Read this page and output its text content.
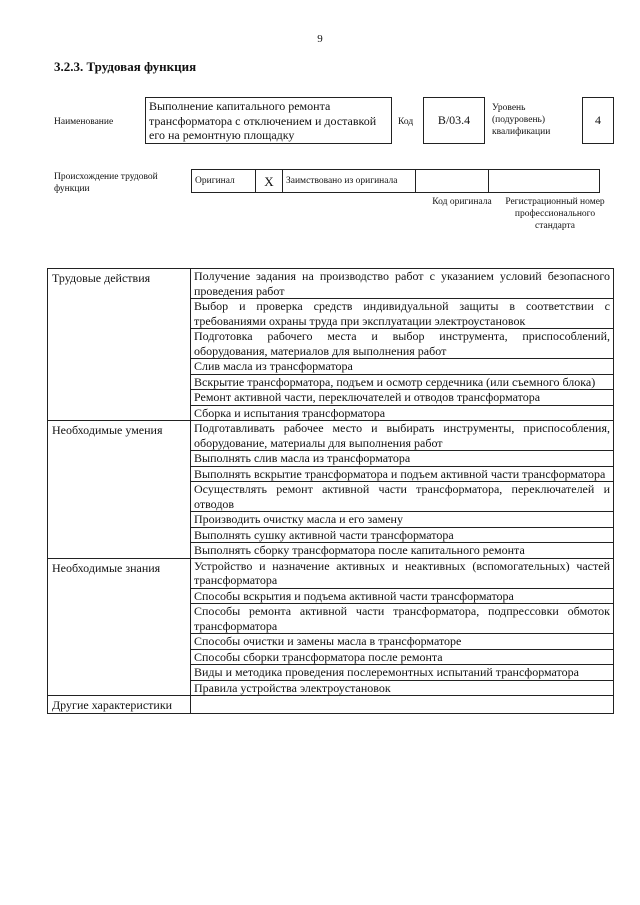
9
3.2.3. Трудовая функция
Наименование
Выполнение капитального ремонта трансформатора с отключением и доставкой его на ремонтную площадку
Код	B/03.4
Уровень (подуровень) квалификации
4
Происхождение трудовой функции
Оригинал	X	Заимствовано из оригинала		
Код оригинала	Регистрационный номер профессионального стандарта
Трудовые действия	Получение задания на производство работ с указанием условий безопасного проведения работ
	Выбор и проверка средств индивидуальной защиты в соответствии с требованиями охраны труда при эксплуатации электроустановок
	Подготовка рабочего места и выбор инструмента, приспособлений, оборудования, материалов для выполнения работ
	Слив масла из трансформатора
	Вскрытие трансформатора, подъем и осмотр сердечника (или съемного блока)
	Ремонт активной части, переключателей и отводов трансформатора
	Сборка и испытания трансформатора
Необходимые умения	Подготавливать рабочее место и выбирать инструменты, приспособления, оборудование, материалы для выполнения работ
	Выполнять слив масла из трансформатора
	Выполнять вскрытие трансформатора и подъем активной части трансформатора
	Осуществлять ремонт активной части трансформатора, переключателей и отводов
	Производить очистку масла и его замену
	Выполнять сушку активной части трансформатора
	Выполнять сборку трансформатора после капитального ремонта
Необходимые знания	Устройство и назначение активных и неактивных (вспомогательных) частей трансформатора
	Способы вскрытия и подъема активной части трансформатора
	Способы ремонта активной части трансформатора, подпрессовки обмоток трансформатора
	Способы очистки и замены масла в трансформаторе
	Способы сборки трансформатора после ремонта
	Виды и методика проведения послеремонтных испытаний трансформатора
	Правила устройства электроустановок
Другие характеристики	
